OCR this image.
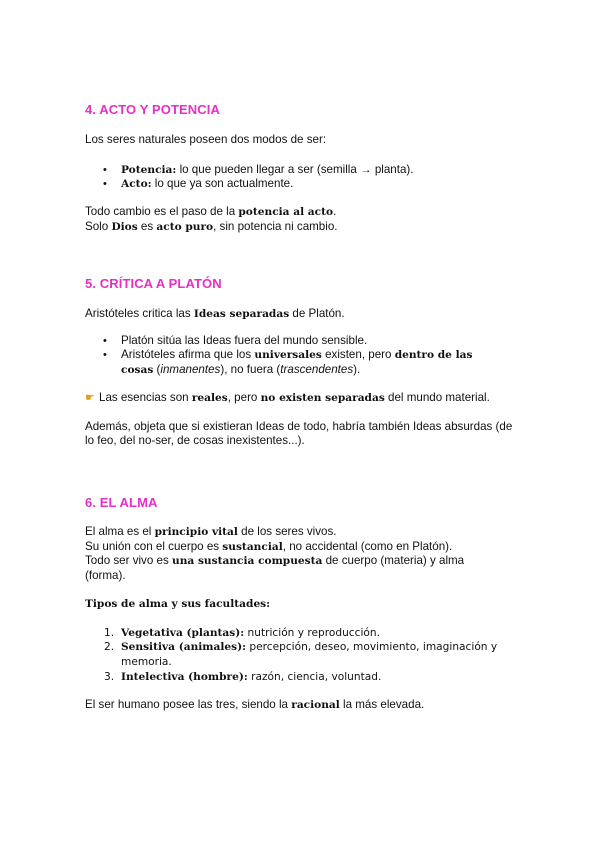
4. ACTO Y POTENCIA

Los seres naturales poseen dos modos de ser:

• Potencia: lo que pueden llegar a ser (semilla → planta).
• Acto: lo que ya son actualmente.

Todo cambio es el paso de la potencia al acto.

Solo Dios es acto puro, sin potencia ni cambio.

5. CRÍTICA A PLATÓN

Aristóteles critica las Ideas separadas de Platón.

• Platón sitúa las Ideas fuera del mundo sensible.
• Aristóteles afirma que los universales existen, pero dentro de las cosas (inmanentes), no fuera (trascendentes).

☛ Las esencias son reales, pero no existen separadas del mundo material.

Además, objeta que si existieran Ideas de todo, habría también Ideas absurdas (de lo feo, del no-ser, de cosas inexistentes...).

6. EL ALMA

El alma es el principio vital de los seres vivos.

Su unión con el cuerpo es sustancial, no accidental (como en Platón).

Todo ser vivo es una sustancia compuesta de cuerpo (materia) y alma (forma).

Tipos de alma y sus facultades:

1. Vegetativa (plantas): nutrición y reproducción.
2. Sensitiva (animales): percepción, deseo, movimiento, imaginación y memoria.
3. Intelectiva (hombre): razón, ciencia, voluntad.

El ser humano posee las tres, siendo la racional la más elevada.
